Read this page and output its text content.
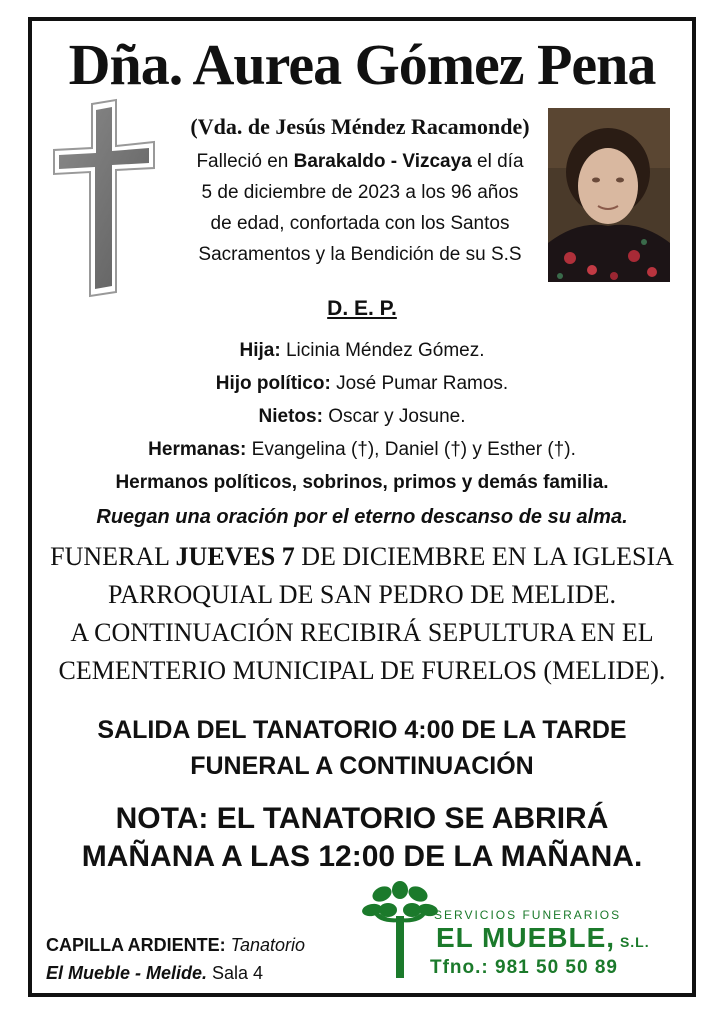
Dña. Aurea Gómez Pena
(Vda. de Jesús Méndez Racamonde)
Falleció en Barakaldo - Vizcaya el día
5 de diciembre de 2023 a los 96 años
de edad, confortada con los Santos
Sacramentos y la Bendición de su S.S
D. E. P.
Hija: Licinia Méndez Gómez.
Hijo político: José Pumar Ramos.
Nietos: Oscar y Josune.
Hermanas: Evangelina (†), Daniel (†) y Esther (†).
Hermanos políticos, sobrinos, primos y demás familia.
Ruegan una oración por el eterno descanso de su alma.
FUNERAL JUEVES 7 DE DICIEMBRE EN LA IGLESIA
PARROQUIAL DE SAN PEDRO DE MELIDE.
A CONTINUACIÓN RECIBIRÁ SEPULTURA EN EL
CEMENTERIO MUNICIPAL DE FURELOS (MELIDE).
SALIDA DEL TANATORIO 4:00 DE LA TARDE
FUNERAL A CONTINUACIÓN
NOTA: EL TANATORIO SE ABRIRÁ
MAÑANA A LAS 12:00 DE LA MAÑANA.
CAPILLA ARDIENTE: Tanatorio
El Mueble - Melide. Sala 4
SERVICIOS FUNERARIOS
EL MUEBLE, S.L.
Tfno.: 981 50 50 89
